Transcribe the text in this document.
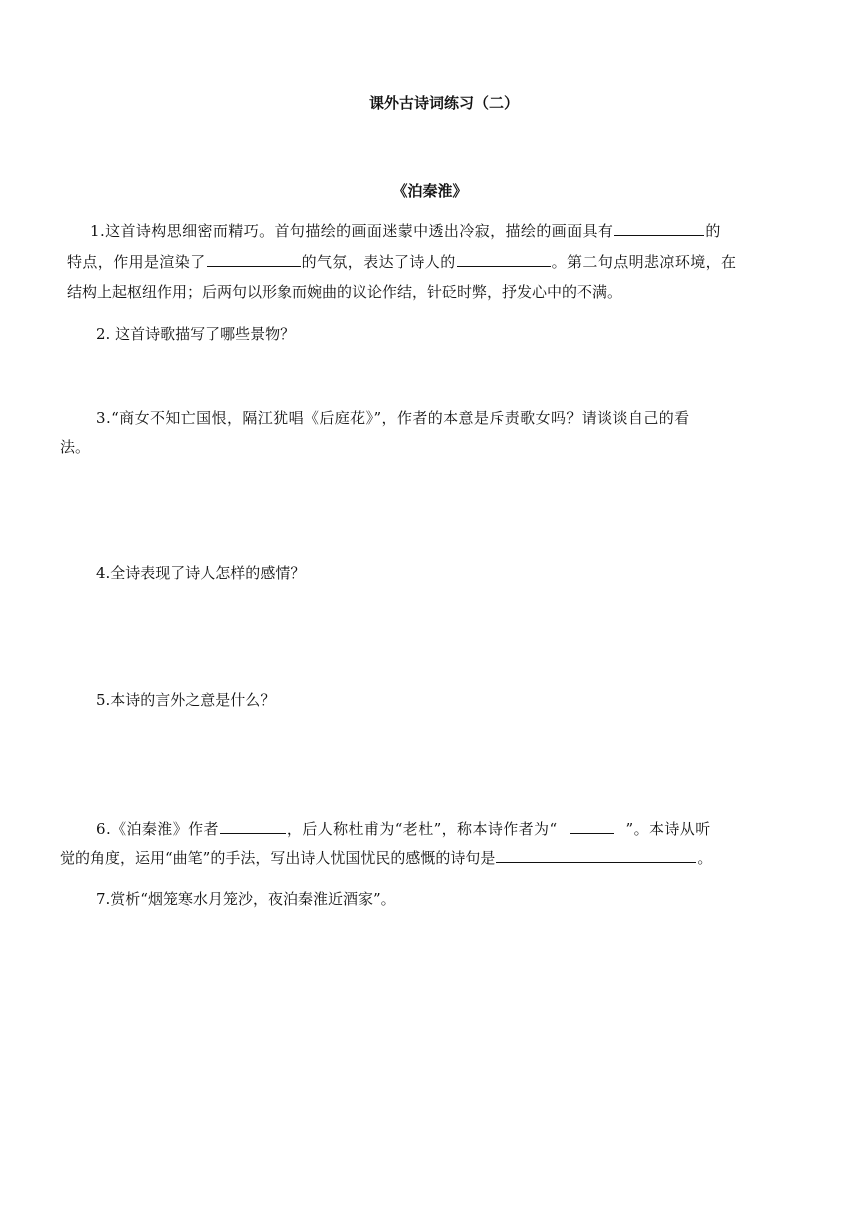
课外古诗词练习（二）
《泊秦淮》
1.这首诗构思细密而精巧。首句描绘的画面迷蒙中透出冷寂，描绘的画面具有	的
特点，作用是渲染了	的气氛，表达了诗人的	。第二句点明悲凉环境，在
结构上起枢纽作用；后两句以形象而婉曲的议论作结，针砭时弊，抒发心中的不满。
2. 这首诗歌描写了哪些景物？
3.“商女不知亡国恨，隔江犹唱《后庭花》”，作者的本意是斥责歌女吗？请谈谈自己的看
法。
4.全诗表现了诗人怎样的感情？
5.本诗的言外之意是什么？
6.《泊秦淮》作者	，后人称杜甫为“老杜”，称本诗作者为“	”。本诗从听
觉的角度，运用“曲笔”的手法，写出诗人忧国忧民的感慨的诗句是	。
7.赏析“烟笼寒水月笼沙，夜泊秦淮近酒家”。
